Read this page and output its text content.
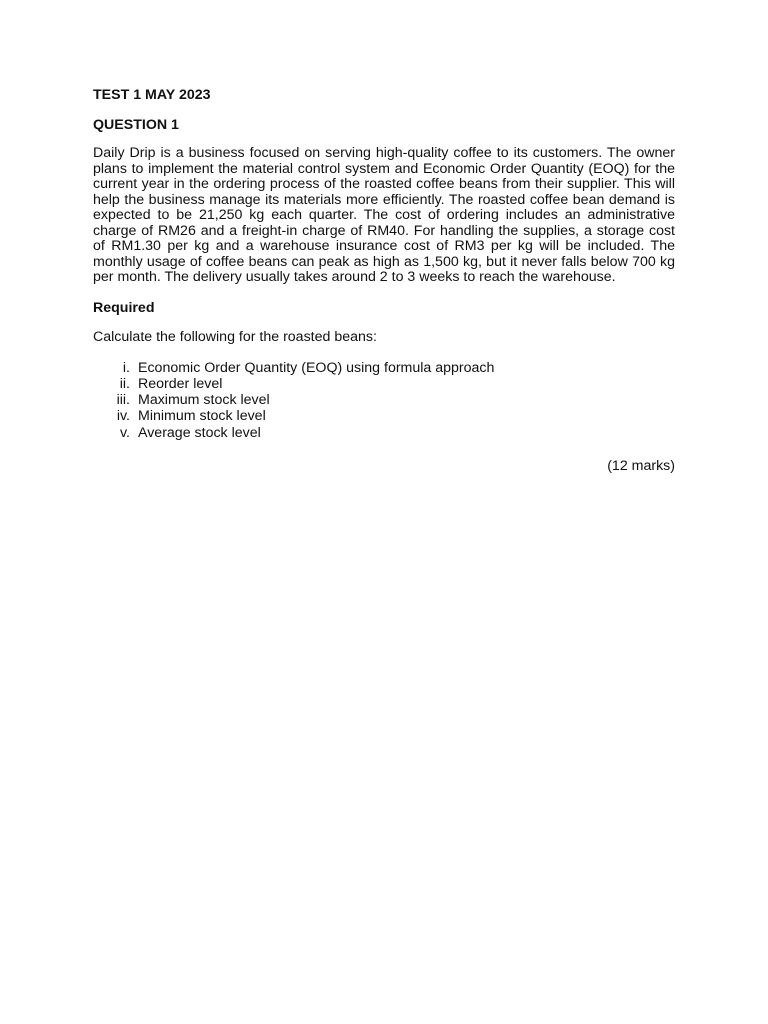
TEST 1 MAY 2023

QUESTION 1

Daily Drip is a business focused on serving high-quality coffee to its customers. The owner plans to implement the material control system and Economic Order Quantity (EOQ) for the current year in the ordering process of the roasted coffee beans from their supplier. This will help the business manage its materials more efficiently. The roasted coffee bean demand is expected to be 21,250 kg each quarter. The cost of ordering includes an administrative charge of RM26 and a freight-in charge of RM40. For handling the supplies, a storage cost of RM1.30 per kg and a warehouse insurance cost of RM3 per kg will be included. The monthly usage of coffee beans can peak as high as 1,500 kg, but it never falls below 700 kg per month. The delivery usually takes around 2 to 3 weeks to reach the warehouse.

Required

Calculate the following for the roasted beans:

i. Economic Order Quantity (EOQ) using formula approach
ii. Reorder level
iii. Maximum stock level
iv. Minimum stock level
v. Average stock level

(12 marks)
